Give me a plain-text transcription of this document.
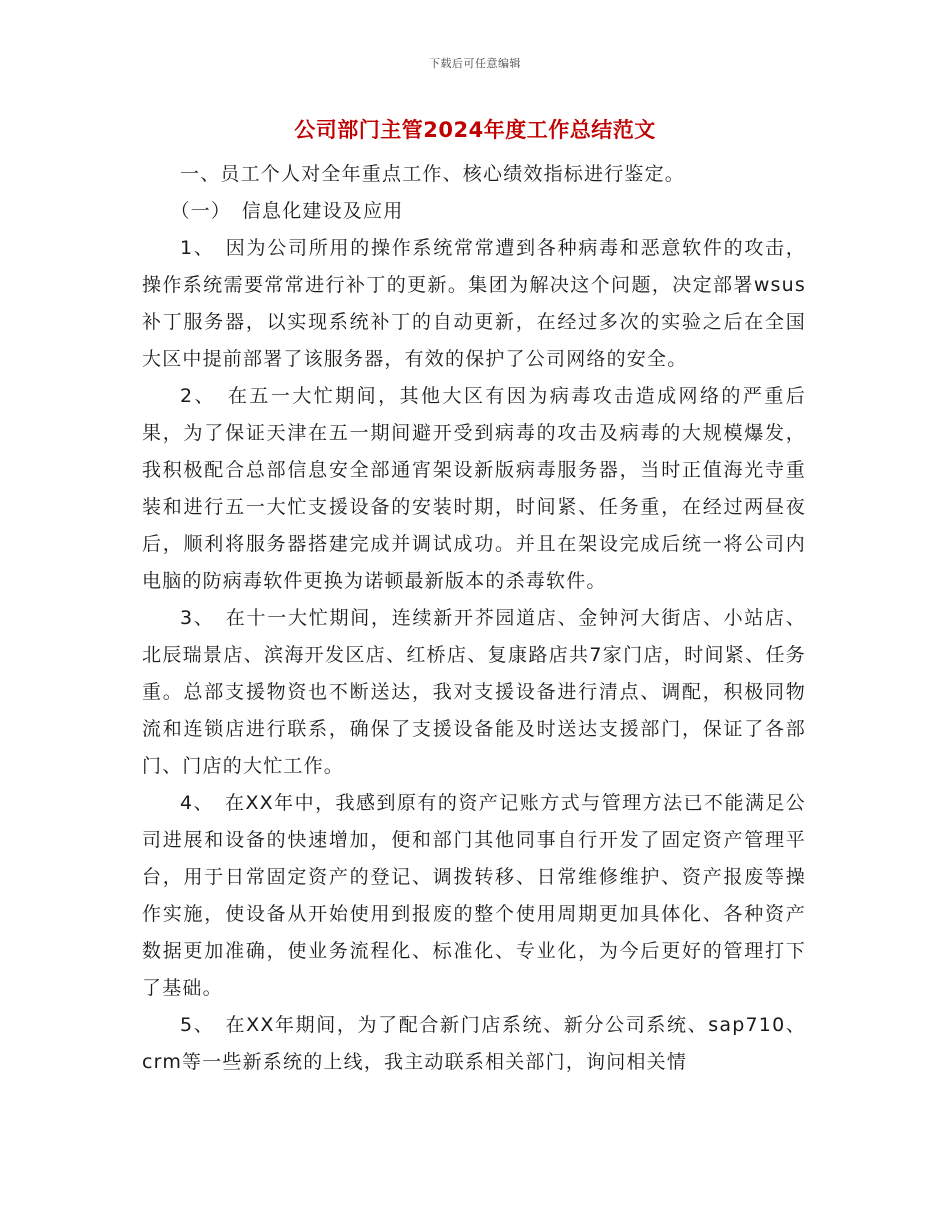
下载后可任意编辑
公司部门主管2024年度工作总结范文

一、员工个人对全年重点工作、核心绩效指标进行鉴定。

（一）　信息化建设及应用

1、　因为公司所用的操作系统常常遭到各种病毒和恶意软件的攻击，操作系统需要常常进行补丁的更新。集团为解决这个问题，决定部署wsus补丁服务器，以实现系统补丁的自动更新，在经过多次的实验之后在全国大区中提前部署了该服务器，有效的保护了公司网络的安全。

2、　在五一大忙期间，其他大区有因为病毒攻击造成网络的严重后果，为了保证天津在五一期间避开受到病毒的攻击及病毒的大规模爆发，我积极配合总部信息安全部通宵架设新版病毒服务器，当时正值海光寺重装和进行五一大忙支援设备的安装时期，时间紧、任务重，在经过两昼夜后，顺利将服务器搭建完成并调试成功。并且在架设完成后统一将公司内电脑的防病毒软件更换为诺顿最新版本的杀毒软件。

3、　在十一大忙期间，连续新开芥园道店、金钟河大街店、小站店、北辰瑞景店、滨海开发区店、红桥店、复康路店共7家门店，时间紧、任务重。总部支援物资也不断送达，我对支援设备进行清点、调配，积极同物流和连锁店进行联系，确保了支援设备能及时送达支援部门，保证了各部门、门店的大忙工作。

4、　在XX年中，我感到原有的资产记账方式与管理方法已不能满足公司进展和设备的快速增加，便和部门其他同事自行开发了固定资产管理平台，用于日常固定资产的登记、调拨转移、日常维修维护、资产报废等操作实施，使设备从开始使用到报废的整个使用周期更加具体化、各种资产数据更加准确，使业务流程化、标准化、专业化，为今后更好的管理打下了基础。

5、　在XX年期间，为了配合新门店系统、新分公司系统、sap710、crm等一些新系统的上线，我主动联系相关部门，询问相关情
